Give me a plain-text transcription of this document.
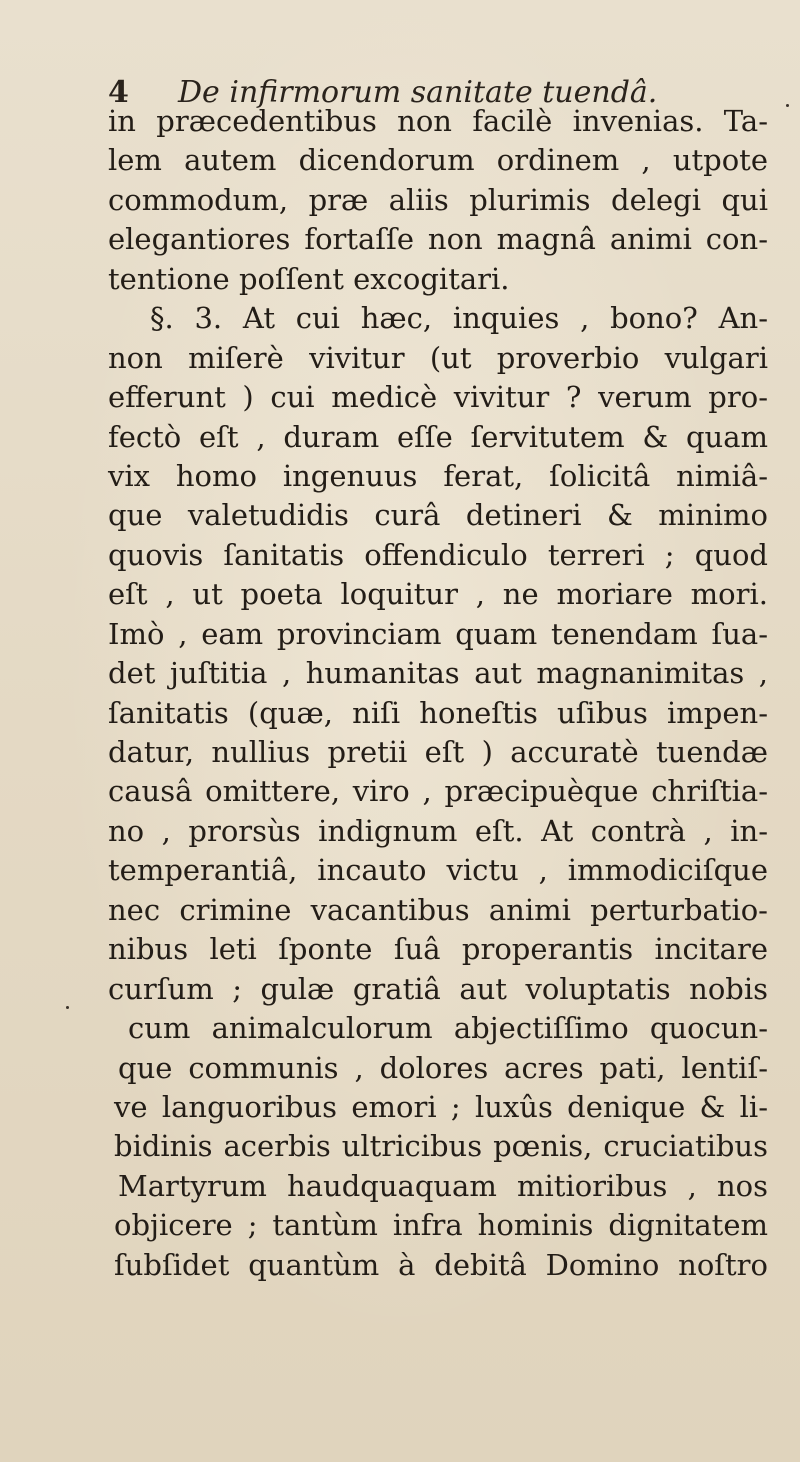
4 De infirmorum sanitate tuendâ.
in præcedentibus non facilè invenias. Ta-
lem autem dicendorum ordinem , utpote
commodum, præ aliis plurimis delegi qui
elegantiores fortaſſe non magnâ animi con-
tentione poſſent excogitari.
§. 3. At cui hæc, inquies , bono? An-
non miſerè vivitur (ut proverbio vulgari
efferunt ) cui medicè vivitur ? verum pro-
fectò eſt , duram eſſe ſervitutem & quam
vix homo ingenuus ferat, ſolicitâ nimiâ-
que valetudidis curâ detineri & minimo
quovis ſanitatis offendiculo terreri ; quod
eſt , ut poeta loquitur , ne moriare mori.
Imò , eam provinciam quam tenendam ſua-
det juſtitia , humanitas aut magnanimitas ,
ſanitatis (quæ, niſi honeſtis uſibus impen-
datur, nullius pretii eſt ) accuratè tuendæ
causâ omittere, viro , præcipuèque chriſtia-
no , prorsùs indignum eſt. At contrà , in-
temperantiâ, incauto victu , immodiciſque
nec crimine vacantibus animi perturbatio-
nibus leti ſponte ſuâ properantis incitare
curſum ; gulæ gratiâ aut voluptatis nobis
cum animalculorum abjectiſſimo quocun-
que communis , dolores acres pati, lentiſ-
ve languoribus emori ; luxûs denique & li-
bidinis acerbis ultricibus pœnis, cruciatibus
Martyrum haudquaquam mitioribus , nos
objicere ; tantùm infra hominis dignitatem
ſubſidet quantùm à debitâ Domino noſtro
